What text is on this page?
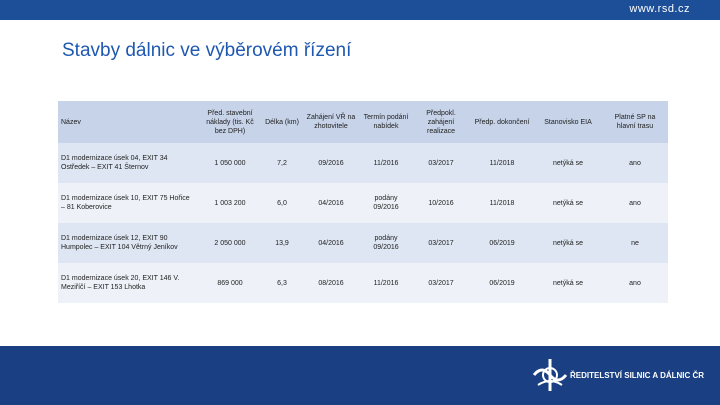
www.rsd.cz
Stavby dálnic ve výběrovém řízení
Název	Před. stavební náklady (tis. Kč bez DPH)	Délka (km)	Zahájení VŘ na zhotovitele	Termín podání nabídek	Předpokl. zahájení realizace	Předp. dokončení	Stanovisko EIA	Platné SP na hlavní trasu
D1 modernizace úsek 04, EXIT 34 Ostředek – EXIT 41 Šternov	1 050 000	7,2	09/2016	11/2016	03/2017	11/2018	netýká se	ano
D1 modernizace úsek 10, EXIT 75 Hořice – 81 Koberovice	1 003 200	6,0	04/2016	podány 09/2016	10/2016	11/2018	netýká se	ano
D1 modernizace úsek 12, EXIT 90 Humpolec – EXIT 104 Větrný Jeníkov	2 050 000	13,9	04/2016	podány 09/2016	03/2017	06/2019	netýká se	ne
D1 modernizace úsek 20, EXIT 146 V. Meziříčí – EXIT 153 Lhotka	869 000	6,3	08/2016	11/2016	03/2017	06/2019	netýká se	ano
ŘEDITELSTVÍ SILNIC A DÁLNIC ČR
